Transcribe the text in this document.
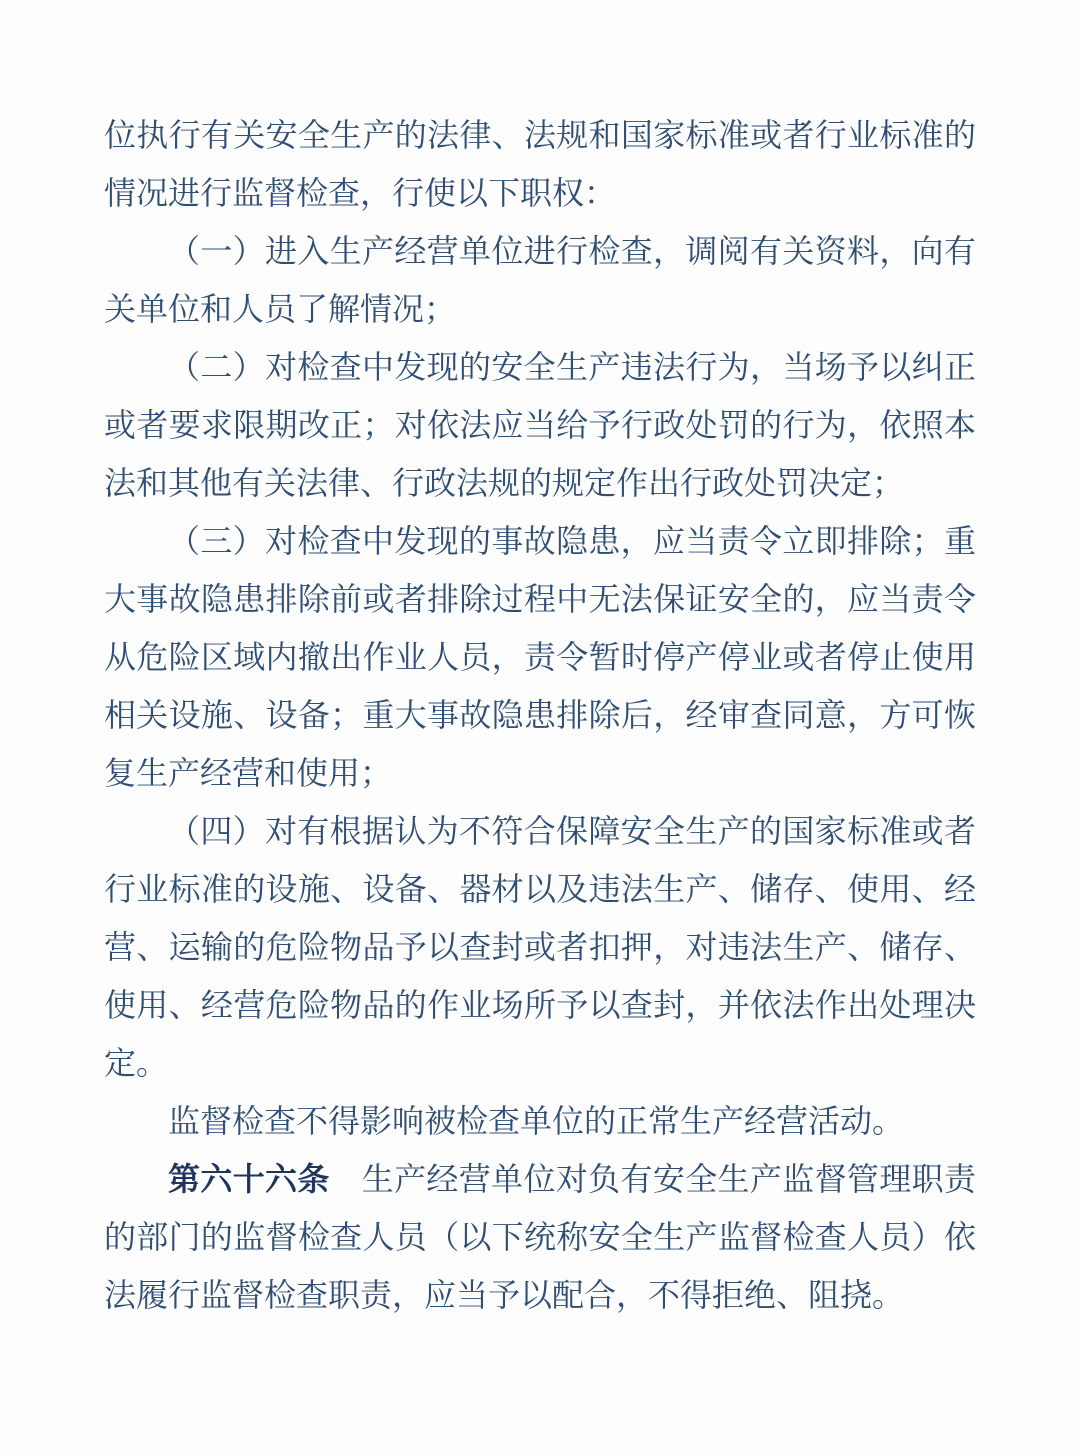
位执行有关安全生产的法律、法规和国家标准或者行业标准的情况进行监督检查，行使以下职权：

（一）进入生产经营单位进行检查，调阅有关资料，向有关单位和人员了解情况；

（二）对检查中发现的安全生产违法行为，当场予以纠正或者要求限期改正；对依法应当给予行政处罚的行为，依照本法和其他有关法律、行政法规的规定作出行政处罚决定；

（三）对检查中发现的事故隐患，应当责令立即排除；重大事故隐患排除前或者排除过程中无法保证安全的，应当责令从危险区域内撤出作业人员，责令暂时停产停业或者停止使用相关设施、设备；重大事故隐患排除后，经审查同意，方可恢复生产经营和使用；

（四）对有根据认为不符合保障安全生产的国家标准或者行业标准的设施、设备、器材以及违法生产、储存、使用、经营、运输的危险物品予以查封或者扣押，对违法生产、储存、使用、经营危险物品的作业场所予以查封，并依法作出处理决定。

监督检查不得影响被检查单位的正常生产经营活动。

第六十六条 生产经营单位对负有安全生产监督管理职责的部门的监督检查人员（以下统称安全生产监督检查人员）依法履行监督检查职责，应当予以配合，不得拒绝、阻挠。
